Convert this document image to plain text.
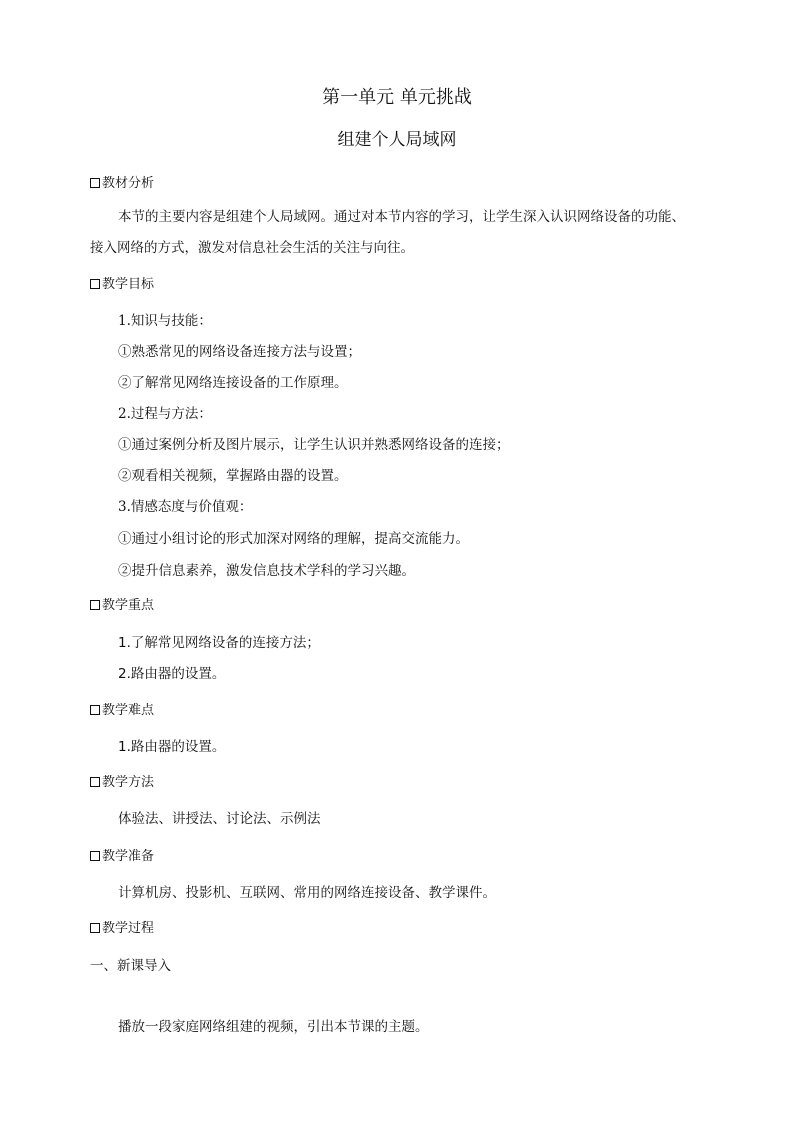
第一单元 单元挑战
组建个人局域网
教材分析
本节的主要内容是组建个人局域网。通过对本节内容的学习，让学生深入认识网络设备的功能、
接入网络的方式，激发对信息社会生活的关注与向往。
教学目标
1.知识与技能：
①熟悉常见的网络设备连接方法与设置；
②了解常见网络连接设备的工作原理。
2.过程与方法：
①通过案例分析及图片展示，让学生认识并熟悉网络设备的连接；
②观看相关视频，掌握路由器的设置。
3.情感态度与价值观：
①通过小组讨论的形式加深对网络的理解，提高交流能力。
②提升信息素养，激发信息技术学科的学习兴趣。
教学重点
1.了解常见网络设备的连接方法；
2.路由器的设置。
教学难点
1.路由器的设置。
教学方法
体验法、讲授法、讨论法、示例法
教学准备
计算机房、投影机、互联网、常用的网络连接设备、教学课件。
教学过程
一、新课导入
播放一段家庭网络组建的视频，引出本节课的主题。
